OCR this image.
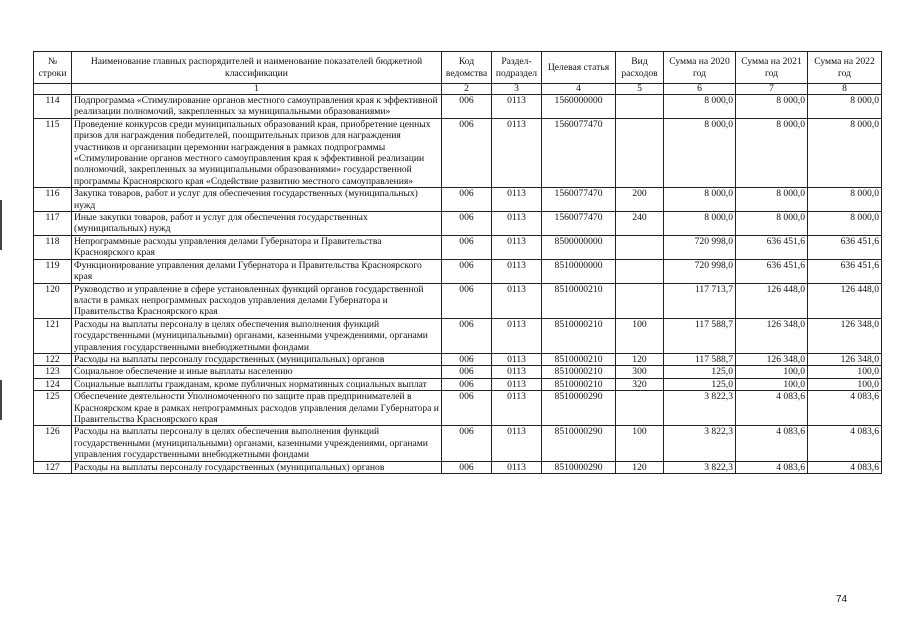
№ строки	Наименование главных распорядителей и наименование показателей бюджетной классификации	Код ведомства	Раздел-подраздел	Целевая статья	Вид расходов	Сумма на 2020 год	Сумма на 2021 год	Сумма на 2022 год
	1	2	3	4	5	6	7	8
114	Подпрограмма «Стимулирование органов местного самоуправления края к эффективной реализации полномочий, закрепленных за муниципальными образованиями»	006	0113	1560000000		8 000,0	8 000,0	8 000,0
115	Проведение конкурсов среди муниципальных образований края, приобретение ценных призов для награждения победителей, поощрительных призов для награждения участников и организации церемонии награждения в рамках подпрограммы «Стимулирование органов местного самоуправления края к эффективной реализации полномочий, закрепленных за муниципальными образованиями» государственной программы Красноярского края «Содействие развитию местного самоуправления»	006	0113	1560077470		8 000,0	8 000,0	8 000,0
116	Закупка товаров, работ и услуг для обеспечения государственных (муниципальных) нужд	006	0113	1560077470	200	8 000,0	8 000,0	8 000,0
117	Иные закупки товаров, работ и услуг для обеспечения государственных (муниципальных) нужд	006	0113	1560077470	240	8 000,0	8 000,0	8 000,0
118	Непрограммные расходы управления делами Губернатора и Правительства Красноярского края	006	0113	8500000000		720 998,0	636 451,6	636 451,6
119	Функционирование управления делами Губернатора и Правительства Красноярского края	006	0113	8510000000		720 998,0	636 451,6	636 451,6
120	Руководство и управление в сфере установленных функций органов государственной власти в рамках непрограммных расходов управления делами Губернатора и Правительства Красноярского края	006	0113	8510000210		117 713,7	126 448,0	126 448,0
121	Расходы на выплаты персоналу в целях обеспечения выполнения функций государственными (муниципальными) органами, казенными учреждениями, органами управления государственными внебюджетными фондами	006	0113	8510000210	100	117 588,7	126 348,0	126 348,0
122	Расходы на выплаты персоналу государственных (муниципальных) органов	006	0113	8510000210	120	117 588,7	126 348,0	126 348,0
123	Социальное обеспечение и иные выплаты населению	006	0113	8510000210	300	125,0	100,0	100,0
124	Социальные выплаты гражданам, кроме публичных нормативных социальных выплат	006	0113	8510000210	320	125,0	100,0	100,0
125	Обеспечение деятельности Уполномоченного по защите прав предпринимателей в Красноярском крае в рамках непрограммных расходов управления делами Губернатора и Правительства Красноярского края	006	0113	8510000290		3 822,3	4 083,6	4 083,6
126	Расходы на выплаты персоналу в целях обеспечения выполнения функций государственными (муниципальными) органами, казенными учреждениями, органами управления государственными внебюджетными фондами	006	0113	8510000290	100	3 822,3	4 083,6	4 083,6
127	Расходы на выплаты персоналу государственных (муниципальных) органов	006	0113	8510000290	120	3 822,3	4 083,6	4 083,6
74
